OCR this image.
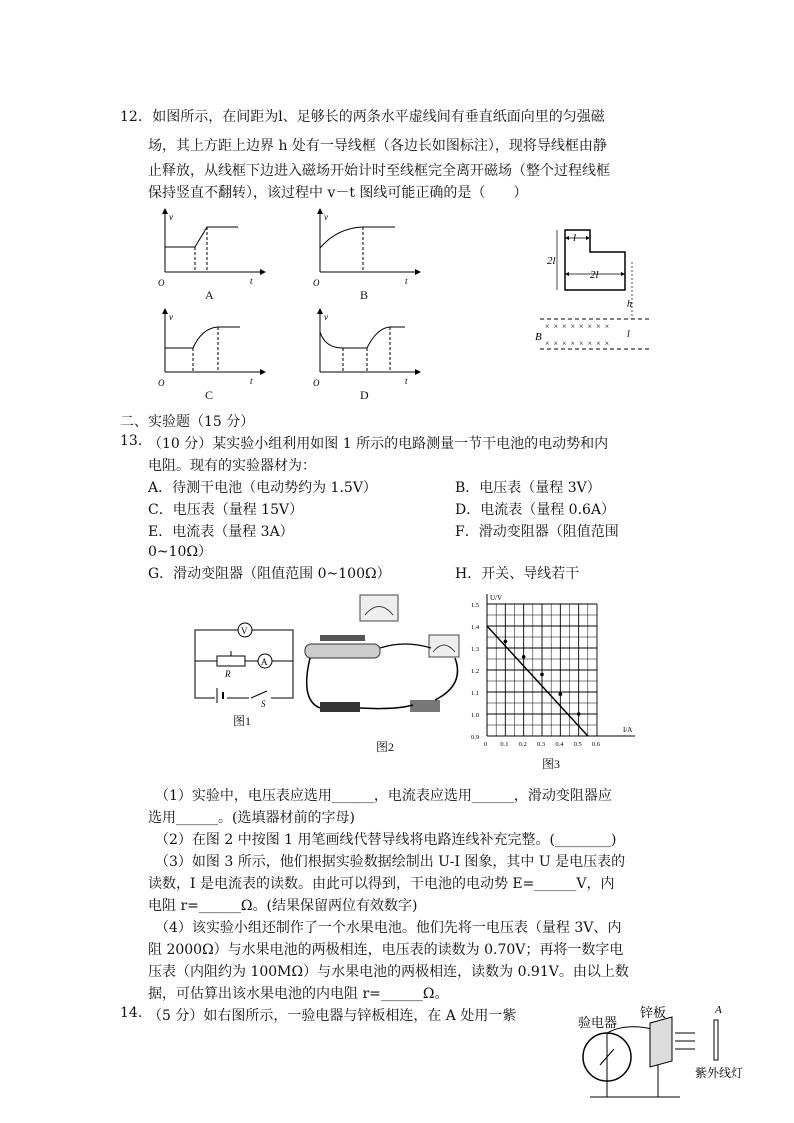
12. 如图所示，在间距为l、足够长的两条水平虚线间有垂直纸面向里的匀强磁
场，其上方距上边界 h 处有一导线框（各边长如图标注），现将导线框由静
止释放，从线框下边进入磁场开始计时至线框完全离开磁场（整个过程线框
保持竖直不翻转），该过程中 v－t 图线可能正确的是（　　）
v
t
O
A
v
t
O
B
v
t
O
C
v
t
O
D
l
2l
2l
h
×  ×  ×  ×  ×  ×  ×  ×
×  ×  ×  ×  ×  ×  ×  ×
B	l
二、实验题（15 分）
13. （10 分）某实验小组利用如图 1 所示的电路测量一节干电池的电动势和内
电阻。现有的实验器材为：
A．待测干电池（电动势约为 1.5V）	B．电压表（量程 3V）
C．电压表（量程 15V）	D．电流表（量程 0.6A）
E．电流表（量程 3A）	F．滑动变阻器（阻值范围
0~10Ω）
G．滑动变阻器（阻值范围 0~100Ω）	H．开关、导线若干
V
A
R
S
图1
图2
1.5
1.4
1.3
1.2
1.1
1.0
0.9
0 0.1 0.2 0.3 0.4 0.5 0.6
U/V
I/A
图3
（1）实验中，电压表应选用______，电流表应选用______，滑动变阻器应
选用______。(选填器材前的字母)
（2）在图 2 中按图 1 用笔画线代替导线将电路连线补充完整。(________)
（3）如图 3 所示，他们根据实验数据绘制出 U-I 图象，其中 U 是电压表的
读数，I 是电流表的读数。由此可以得到，干电池的电动势 E=______V，内
电阻 r=______Ω。(结果保留两位有效数字)
（4）该实验小组还制作了一个水果电池。他们先将一电压表（量程 3V、内
阻 2000Ω）与水果电池的两极相连，电压表的读数为 0.70V；再将一数字电
压表（内阻约为 100MΩ）与水果电池的两极相连，读数为 0.91V。由以上数
据，可估算出该水果电池的内电阻 r=______Ω。
14. （5 分）如右图所示，一验电器与锌板相连，在 A 处用一紫	验电器
锌板
紫外线灯
A
